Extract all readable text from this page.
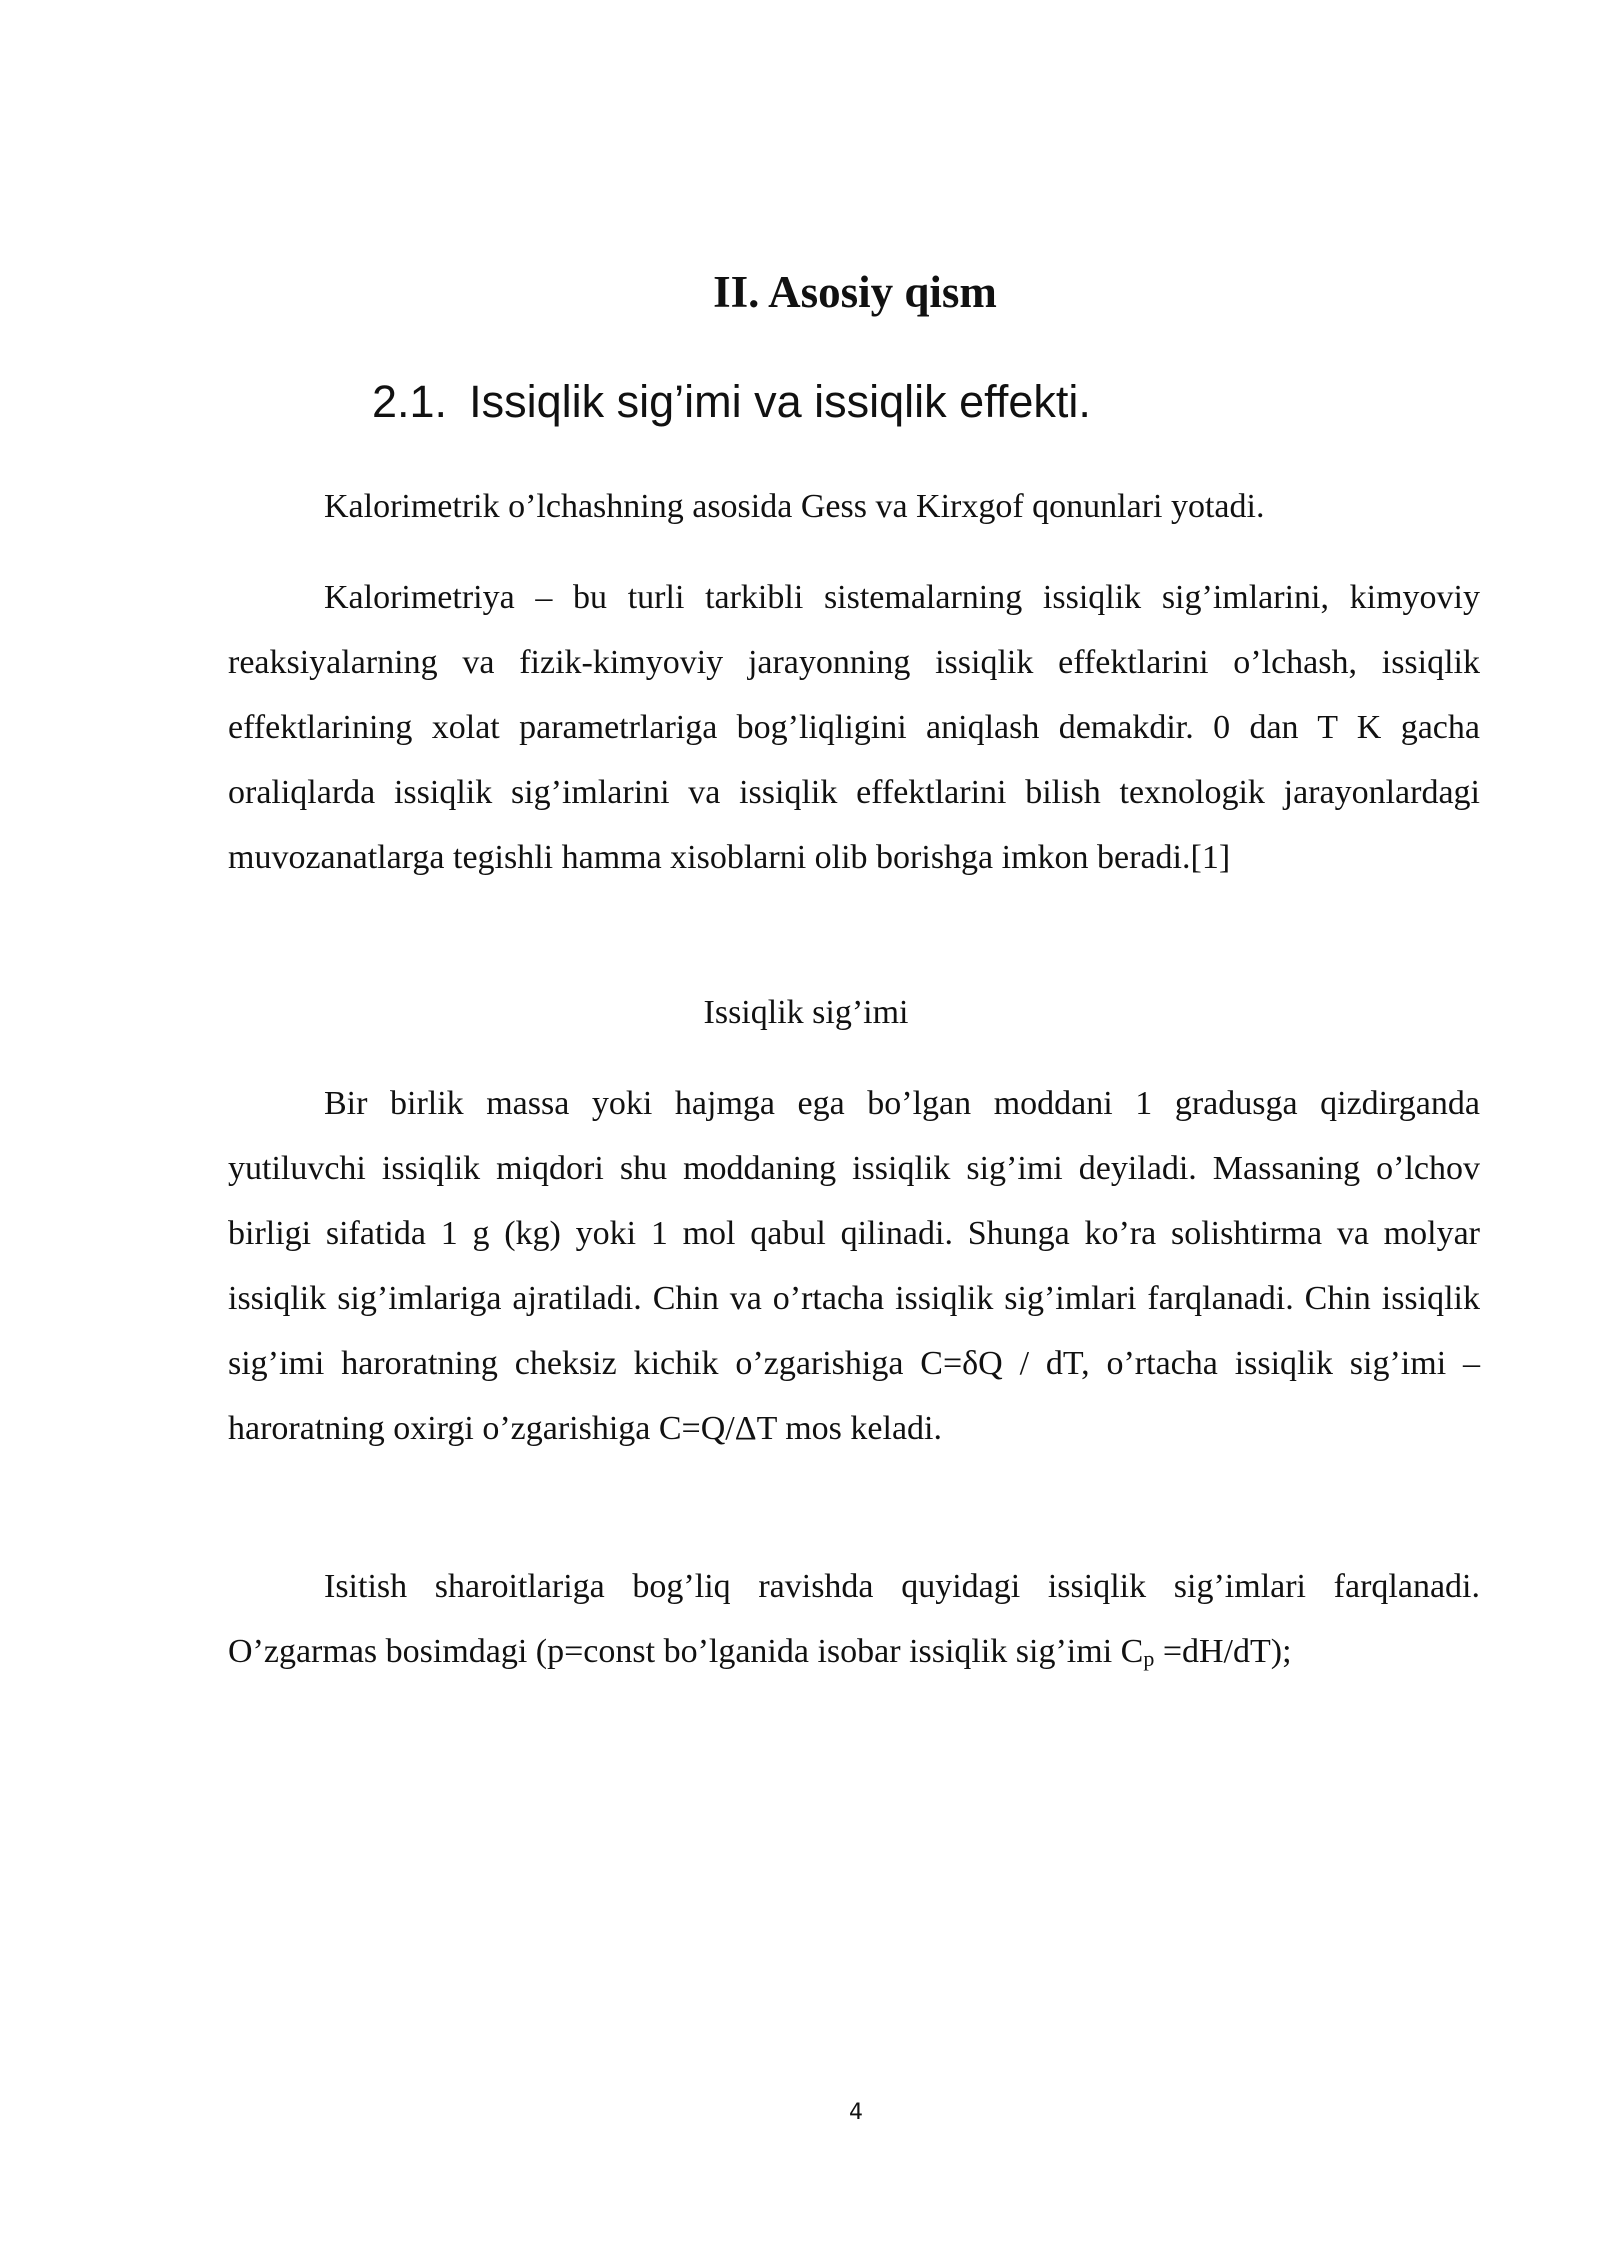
II. Asosiy qism
2.1. Issiqlik sig’imi va issiqlik effekti.

Kalorimetrik o’lchashning asosida Gess va Kirxgof qonunlari yotadi.

Kalorimetriya – bu turli tarkibli sistemalarning issiqlik sig’imlarini, kimyoviy reaksiyalarning va fizik-kimyoviy jarayonning issiqlik effektlarini o’lchash, issiqlik effektlarining xolat parametrlariga bog’liqligini aniqlash demakdir. 0 dan T K gacha oraliqlarda issiqlik sig’imlarini va issiqlik effektlarini bilish texnologik jarayonlardagi muvozanatlarga tegishli hamma xisoblarni olib borishga imkon beradi.[1]

Issiqlik sig’imi

Bir birlik massa yoki hajmga ega bo’lgan moddani 1 gradusga qizdirganda yutiluvchi issiqlik miqdori shu moddaning issiqlik sig’imi deyiladi. Massaning o’lchov birligi sifatida 1 g (kg) yoki 1 mol qabul qilinadi. Shunga ko’ra solishtirma va molyar issiqlik sig’imlariga ajratiladi. Chin va o’rtacha issiqlik sig’imlari farqlanadi. Chin issiqlik sig’imi haroratning cheksiz kichik o’zgarishiga C=δQ / dT, o’rtacha issiqlik sig’imi –haroratning oxirgi o’zgarishiga C=Q/ΔT mos keladi.

Isitish sharoitlariga bog’liq ravishda quyidagi issiqlik sig’imlari farqlanadi. O’zgarmas bosimdagi (p=const bo’lganida isobar issiqlik sig’imi Cp =dH/dT);

4
